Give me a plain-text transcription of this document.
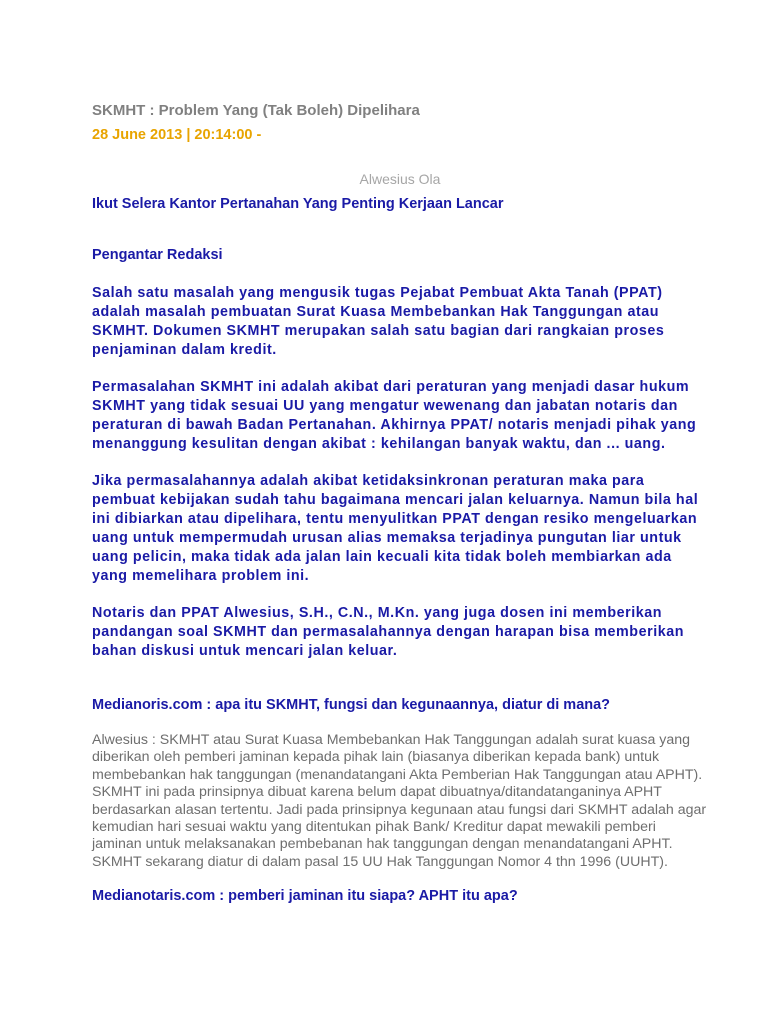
SKMHT : Problem Yang (Tak Boleh) Dipelihara

28 June 2013 | 20:14:00 -

Alwesius Ola

Ikut Selera Kantor Pertanahan Yang Penting Kerjaan Lancar

Pengantar Redaksi

Salah satu masalah yang mengusik tugas Pejabat Pembuat Akta Tanah (PPAT) adalah masalah pembuatan Surat Kuasa Membebankan Hak Tanggungan atau SKMHT. Dokumen SKMHT merupakan salah satu bagian dari rangkaian proses penjaminan dalam kredit.

Permasalahan SKMHT ini adalah akibat dari peraturan yang menjadi dasar hukum SKMHT yang tidak sesuai UU yang mengatur wewenang dan jabatan notaris dan peraturan di bawah Badan Pertanahan. Akhirnya PPAT/ notaris menjadi pihak yang menanggung kesulitan dengan akibat : kehilangan banyak waktu, dan ... uang.

Jika permasalahannya adalah akibat ketidaksinkronan peraturan maka para pembuat kebijakan sudah tahu bagaimana mencari jalan keluarnya. Namun bila hal ini dibiarkan atau dipelihara, tentu menyulitkan PPAT dengan resiko mengeluarkan uang untuk mempermudah urusan alias memaksa terjadinya pungutan liar untuk uang pelicin, maka tidak ada jalan lain kecuali kita tidak boleh membiarkan ada yang memelihara problem ini.

Notaris dan PPAT Alwesius, S.H., C.N., M.Kn. yang juga dosen ini memberikan pandangan soal SKMHT dan permasalahannya dengan harapan bisa memberikan bahan diskusi untuk mencari jalan keluar.

Medianoris.com : apa itu SKMHT, fungsi dan kegunaannya, diatur di mana?

Alwesius : SKMHT atau Surat Kuasa Membebankan Hak Tanggungan adalah surat kuasa yang diberikan oleh pemberi jaminan kepada pihak lain (biasanya diberikan kepada bank) untuk membebankan hak tanggungan (menandatangani Akta Pemberian Hak Tanggungan atau APHT). SKMHT ini pada prinsipnya dibuat karena belum dapat dibuatnya/ditandatanganinya APHT berdasarkan alasan tertentu. Jadi pada prinsipnya kegunaan atau fungsi dari SKMHT adalah agar kemudian hari sesuai waktu yang ditentukan pihak Bank/ Kreditur dapat mewakili pemberi jaminan untuk melaksanakan pembebanan hak tanggungan dengan menandatangani APHT. SKMHT sekarang diatur di dalam pasal 15 UU Hak Tanggungan Nomor 4 thn 1996 (UUHT).

Medianotaris.com : pemberi jaminan itu siapa? APHT itu apa?
